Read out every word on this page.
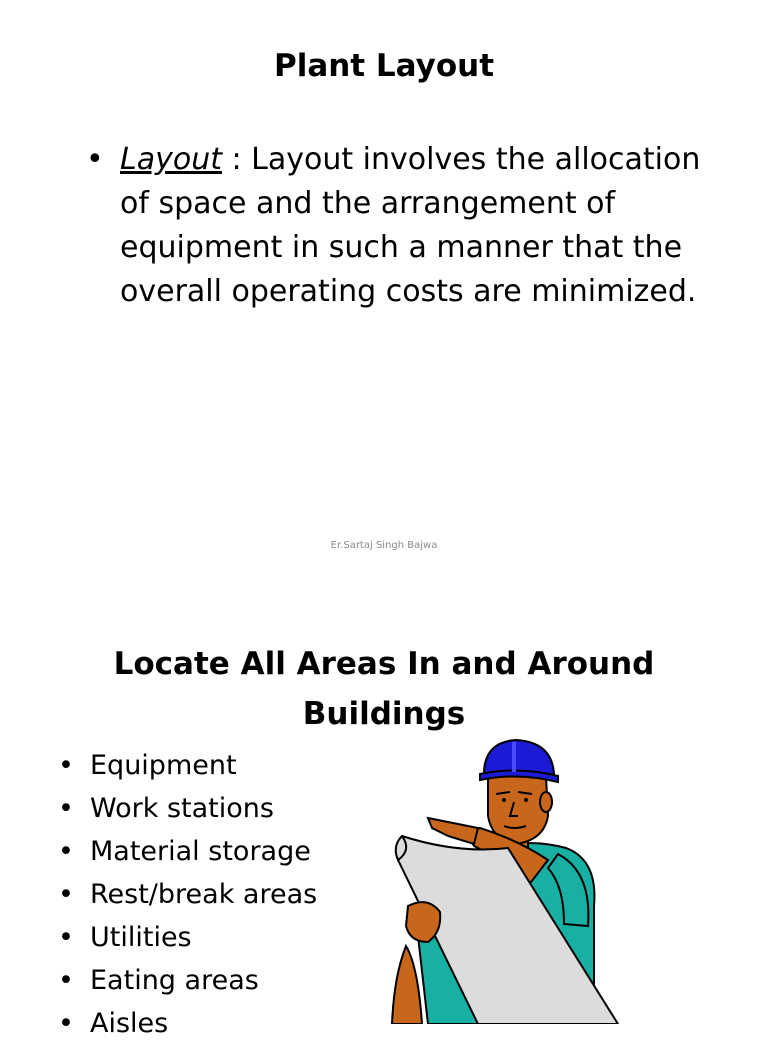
Plant Layout
• Layout : Layout involves the allocation
of space and the arrangement of
equipment in such a manner that the
overall operating costs are minimized.
Er.Sartaj Singh Bajwa
Locate All Areas In and Around
Buildings
• Equipment
• Work stations
• Material storage
• Rest/break areas
• Utilities
• Eating areas
• Aisles
